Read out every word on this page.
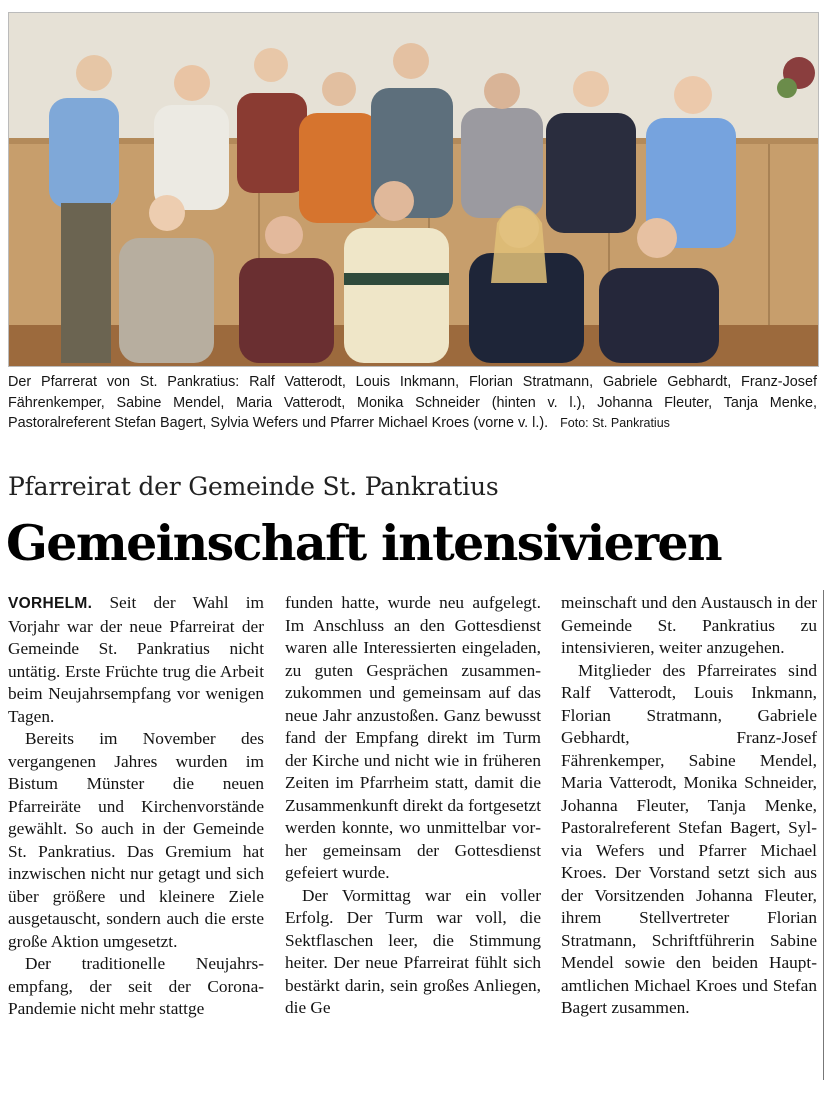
Der Pfarrerat von St. Pankratius: Ralf Vatterodt, Louis Inkmann, Florian Stratmann, Gabriele Gebhardt, Franz-Josef Fährenkemper, Sabine Mendel, Maria Vatterodt, Monika Schneider (hinten v. l.), Johanna Fleuter, Tanja Menke, Pastoralreferent Stefan Bagert, Sylvia Wefers und Pfarrer Michael Kroes (vorne v. l.). Foto: St. Pankratius
Pfarreirat der Gemeinde St. Pankratius
Gemeinschaft intensivieren

VORHELM. Seit der Wahl im Vorjahr war der neue Pfarreirat der Gemeinde St. Pankratius nicht untätig. Erste Früchte trug die Arbeit beim Neujahrsempfang vor wenigen Tagen.

Bereits im November des vergangenen Jahres wurden im Bistum Münster die neuen Pfarreiräte und Kirchenvorstände gewählt. So auch in der Gemeinde St. Pankratius. Das Gremium hat inzwischen nicht nur getagt und sich über größere und kleinere Ziele ausgetauscht, sondern auch die erste große Aktion umgesetzt.

Der traditionelle Neujahrsempfang, der seit der Corona-Pandemie nicht mehr stattge

funden hatte, wurde neu aufgelegt. Im Anschluss an den Gottesdienst waren alle Interessierten eingeladen, zu guten Gesprächen zusammenzukommen und gemeinsam auf das neue Jahr anzustoßen. Ganz bewusst fand der Empfang direkt im Turm der Kirche und nicht wie in früheren Zeiten im Pfarrheim statt, damit die Zusammenkunft direkt da fortgesetzt werden konnte, wo unmittelbar vorher gemeinsam der Gottesdienst gefeiert wurde.

Der Vormittag war ein voller Erfolg. Der Turm war voll, die Sektflaschen leer, die Stimmung heiter. Der neue Pfarreirat fühlt sich bestärkt darin, sein großes Anliegen, die Ge

meinschaft und den Austausch in der Gemeinde St. Pankratius zu intensivieren, weiter anzugehen.

Mitglieder des Pfarreirates sind Ralf Vatterodt, Louis Inkmann, Florian Stratmann, Gabriele Gebhardt, Franz-Josef Fährenkemper, Sabine Mendel, Maria Vatterodt, Monika Schneider, Johanna Fleuter, Tanja Menke, Pastoralreferent Stefan Bagert, Sylvia Wefers und Pfarrer Michael Kroes. Der Vorstand setzt sich aus der Vorsitzenden Johanna Fleuter, ihrem Stellvertreter Florian Stratmann, Schriftführerin Sabine Mendel sowie den beiden Hauptamtlichen Michael Kroes und Stefan Bagert zusammen.
